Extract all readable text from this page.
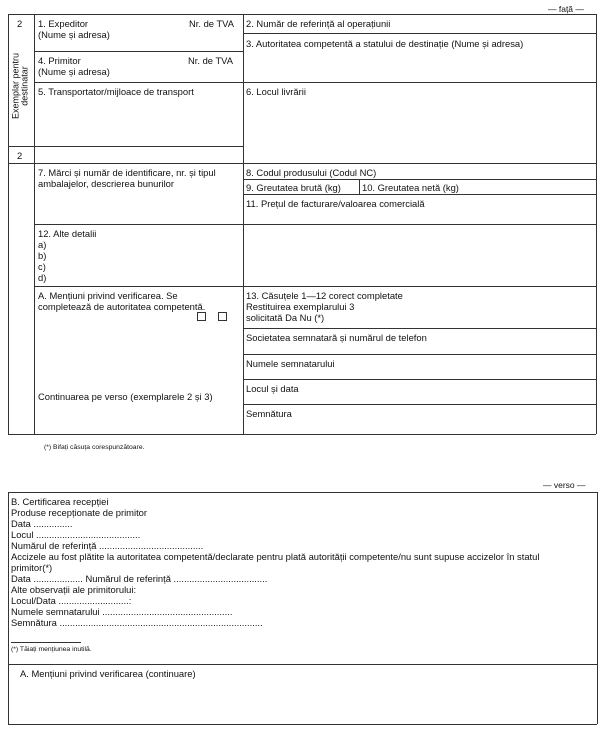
— față —
2
Exemplar pentru destinatar
2
1. Expeditor	Nr. de TVA
(Nume și adresa)
2. Număr de referință al operațiunii
3. Autoritatea competentă a statului de destinație (Nume și adresa)
4. Primitor	Nr. de TVA
(Nume și adresa)
5. Transportator/mijloace de transport	6. Locul livrării
7. Mărci și număr de identificare, nr. și tipul
ambalajelor, descrierea bunurilor
8. Codul produsului (Codul NC)
9. Greutatea brută (kg) 10. Greutatea netă (kg)
11. Prețul de facturare/valoarea comercială
12. Alte detalii
a)
b)
c)
d)
A. Mențiuni privind verificarea. Se
completează de autoritatea competentă.
Continuarea pe verso (exemplarele 2 și 3)
13. Căsuțele 1—12 corect completate
Restituirea exemplarului 3
solicitată Da Nu (*)
Societatea semnatară și numărul de telefon
Numele semnatarului
Locul și data
Semnătura
(*) Bifați căsuța corespunzătoare.
— verso —
B. Certificarea recepției
Produse recepționate de primitor
Data ...............
Locul ........................................
Numărul de referință ........................................
Accizele au fost plătite la autoritatea competentă/declarate pentru plată autorității competente/nu sunt supuse accizelor în statul
primitor(*)
Data ................... Numărul de referință ....................................
Alte observații ale primitorului:
Locul/Data ...........................:
Numele semnatarului ..................................................
Semnătura ..............................................................................
(*) Tăiați mențiunea inutilă.
A. Mențiuni privind verificarea (continuare)
